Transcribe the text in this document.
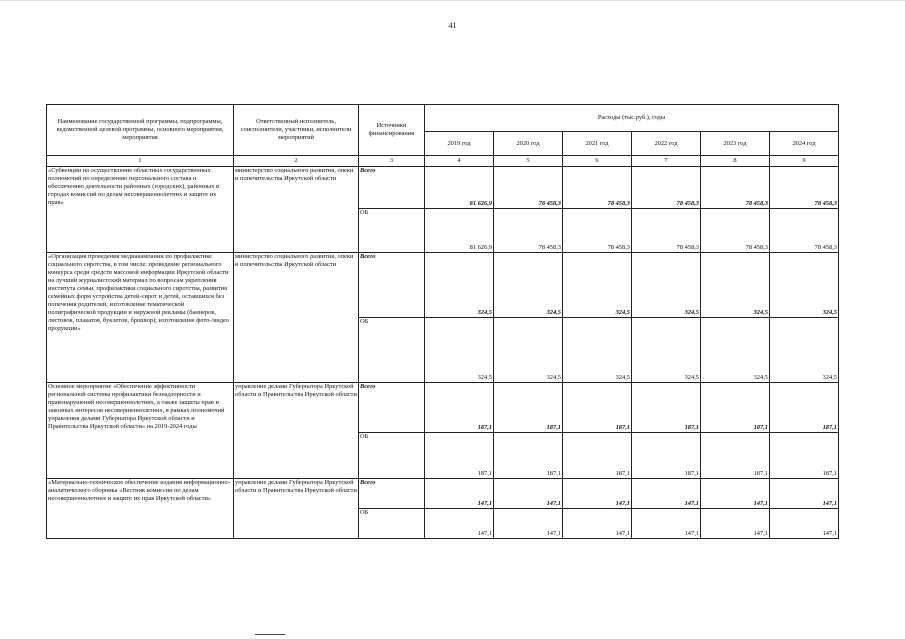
41
Наименование государственной программы, подпрограммы, ведомственной целевой программы, основного мероприятия, мероприятия	Ответственный исполнитель, соисполнители, участники, исполнители мероприятий	Источники финансирования	Расходы (тыс.руб.), годы					
			2019 год	2020 год	2021 год	2022 год	2023 год	2024 год
1	2	3	4	5	6	7	8	9
«Субвенции на осуществление областных государственных полномочий по определению персонального состава и обеспечению деятельности районных (городских), районных в городах комиссий по делам несовершеннолетних и защите их прав»	министерство социального развития, опеки и попечительства Иркутской области	Всего	81 626,9	78 458,3	78 458,3	78 458,3	78 458,3	78 458,3
		ОБ	81 626,9	78 458,3	78 458,3	78 458,3	78 458,3	78 458,3
«Организация проведения медиакампании по профилактике социального сиротства, в том числе: проведение регионального конкурса среди средств массовой информации Иркутской области на лучший журналистский материал по вопросам укрепления института семьи, профилактики социального сиротства, развития семейных форм устройства детей-сирот и детей, оставшихся без попечения родителей; изготовление тематической полиграфической продукции и наружной рекламы (баннеров, листовок, плакатов, буклетов, брошюр); изготовление фото-/видео продукции»	министерство социального развития, опеки и попечительства Иркутской области	Всего	324,5	324,5	324,5	324,5	324,5	324,5
		ОБ	324,5	324,5	324,5	324,5	324,5	324,5
Основное мероприятие «Обеспечение эффективности региональной системы профилактики безнадзорности и правонарушений несовершеннолетних, а также защиты прав и законных интересов несовершеннолетних, в рамках полномочий управления делами Губернатора Иркутской области и Правительства Иркутской области» на 2019-2024 годы	управление делами Губернатора Иркутской области и Правительства Иркутской области	Всего	187,1	187,1	187,1	187,1	187,1	187,1
		ОБ	187,1	187,1	187,1	187,1	187,1	187,1
«Материально-техническое обеспечение издания информационно-аналитического сборника «Вестник комиссии по делам несовершеннолетних и защите их прав Иркутской области»	управление делами Губернатора Иркутской области и Правительства Иркутской области	Всего	147,1	147,1	147,1	147,1	147,1	147,1
		ОБ	147,1	147,1	147,1	147,1	147,1	147,1
